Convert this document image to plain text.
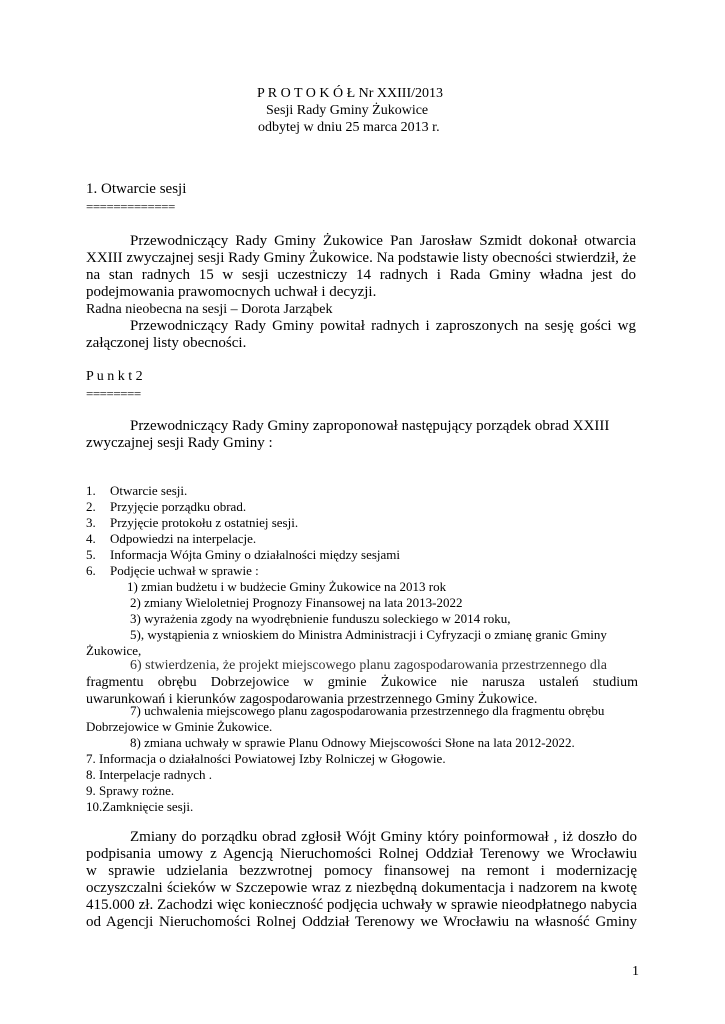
P R O T O K Ó Ł Nr XXIII/2013
Sesji Rady Gminy Żukowice
odbytej w dniu 25 marca 2013 r.
1. Otwarcie sesji
=============
Przewodniczący Rady Gminy Żukowice Pan Jarosław Szmidt dokonał otwarcia
XXIII zwyczajnej sesji Rady Gminy Żukowice. Na podstawie listy obecności stwierdził, że
na stan radnych 15 w sesji uczestniczy 14 radnych i Rada Gminy władna jest do
podejmowania prawomocnych uchwał i decyzji.
Radna nieobecna na sesji – Dorota Jarząbek
Przewodniczący Rady Gminy powitał radnych i zaproszonych na sesję gości wg
załączonej listy obecności.
P u n k t 2
========
Przewodniczący Rady Gminy zaproponował następujący porządek obrad XXIII
zwyczajnej sesji Rady Gminy :
1. Otwarcie sesji.
2. Przyjęcie porządku obrad.
3. Przyjęcie protokołu z ostatniej sesji.
4. Odpowiedzi na interpelacje.
5. Informacja Wójta Gminy o działalności między sesjami
6. Podjęcie uchwał w sprawie :
1) zmian budżetu i w budżecie Gminy Żukowice na 2013 rok
2) zmiany Wieloletniej Prognozy Finansowej na lata 2013-2022
3) wyrażenia zgody na wyodrębnienie funduszu soleckiego w 2014 roku,
5), wystąpienia z wnioskiem do Ministra Administracji i Cyfryzacji o zmianę granic Gminy
Żukowice,
6) stwierdzenia, że projekt miejscowego planu zagospodarowania przestrzennego dla
fragmentu obrębu Dobrzejowice w gminie Żukowice nie narusza ustaleń studium
uwarunkowań i kierunków zagospodarowania przestrzennego Gminy Żukowice.
7) uchwalenia miejscowego planu zagospodarowania przestrzennego dla fragmentu obrębu
Dobrzejowice w Gminie Żukowice.
8) zmiana uchwały w sprawie Planu Odnowy Miejscowości Słone na lata 2012-2022.
7. Informacja o działalności Powiatowej Izby Rolniczej w Głogowie.
8. Interpelacje radnych .
9. Sprawy rożne.
10.Zamknięcie sesji.
Zmiany do porządku obrad zgłosił Wójt Gminy który poinformował , iż doszło do
podpisania umowy z Agencją Nieruchomości Rolnej Oddział Terenowy we Wrocławiu
w sprawie udzielania bezzwrotnej pomocy finansowej na remont i modernizację
oczyszczalni ścieków w Szczepowie wraz z niezbędną dokumentacja i nadzorem na kwotę
415.000 zł. Zachodzi więc konieczność podjęcia uchwały w sprawie nieodpłatnego nabycia
od Agencji Nieruchomości Rolnej Oddział Terenowy we Wrocławiu na własność Gminy
1
